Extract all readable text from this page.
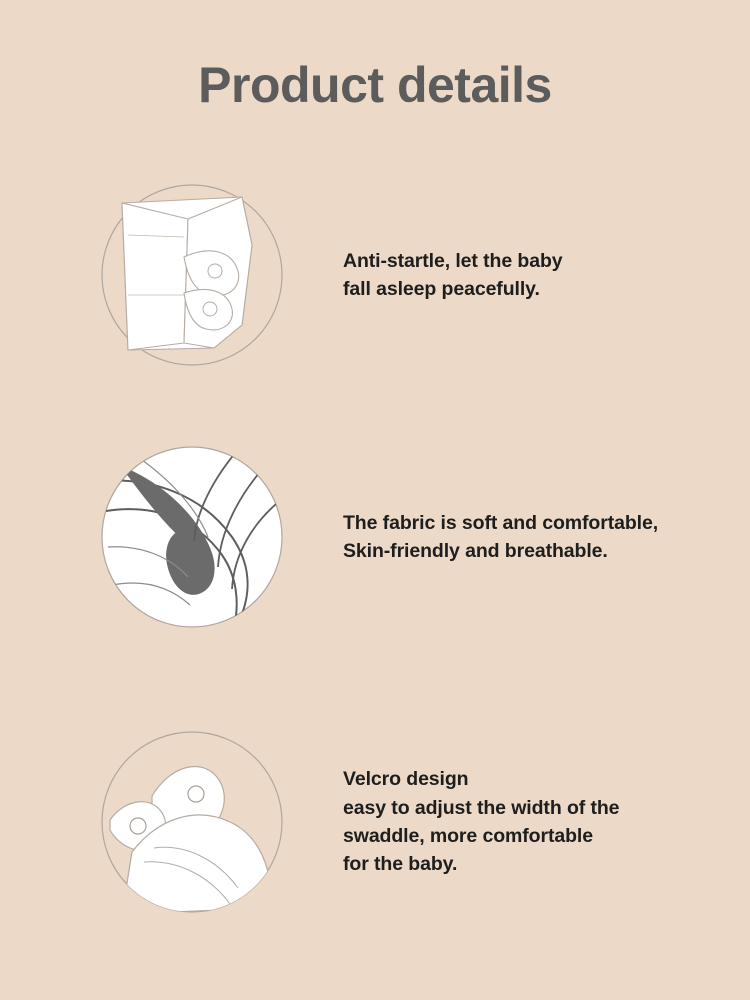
Product details
Anti-startle, let the baby
fall asleep peacefully.
The fabric is soft and comfortable,
Skin-friendly and breathable.
Velcro design
easy to adjust the width of the
swaddle, more comfortable
for the baby.
